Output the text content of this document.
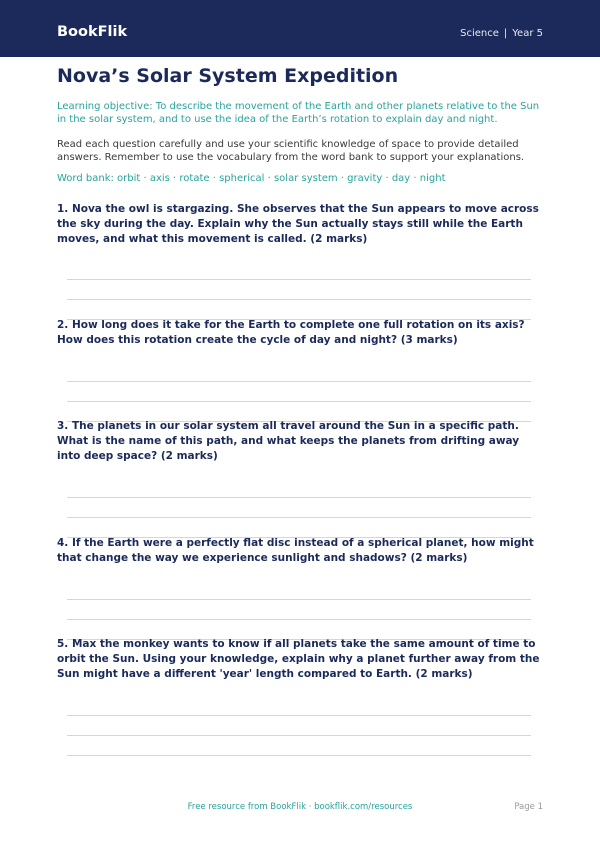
BookFlik	Science | Year 5
Nova’s Solar System Expedition
Learning objective: To describe the movement of the Earth and other planets relative to the Sun in the solar system, and to use the idea of the Earth’s rotation to explain day and night.
Read each question carefully and use your scientific knowledge of space to provide detailed answers. Remember to use the vocabulary from the word bank to support your explanations.
Word bank: orbit · axis · rotate · spherical · solar system · gravity · day · night
1. Nova the owl is stargazing. She observes that the Sun appears to move across the sky during the day. Explain why the Sun actually stays still while the Earth moves, and what this movement is called. (2 marks)
2. How long does it take for the Earth to complete one full rotation on its axis? How does this rotation create the cycle of day and night? (3 marks)
3. The planets in our solar system all travel around the Sun in a specific path. What is the name of this path, and what keeps the planets from drifting away into deep space? (2 marks)
4. If the Earth were a perfectly flat disc instead of a spherical planet, how might that change the way we experience sunlight and shadows? (2 marks)
5. Max the monkey wants to know if all planets take the same amount of time to orbit the Sun. Using your knowledge, explain why a planet further away from the Sun might have a different 'year' length compared to Earth. (2 marks)
Free resource from BookFlik · bookflik.com/resources	Page 1
